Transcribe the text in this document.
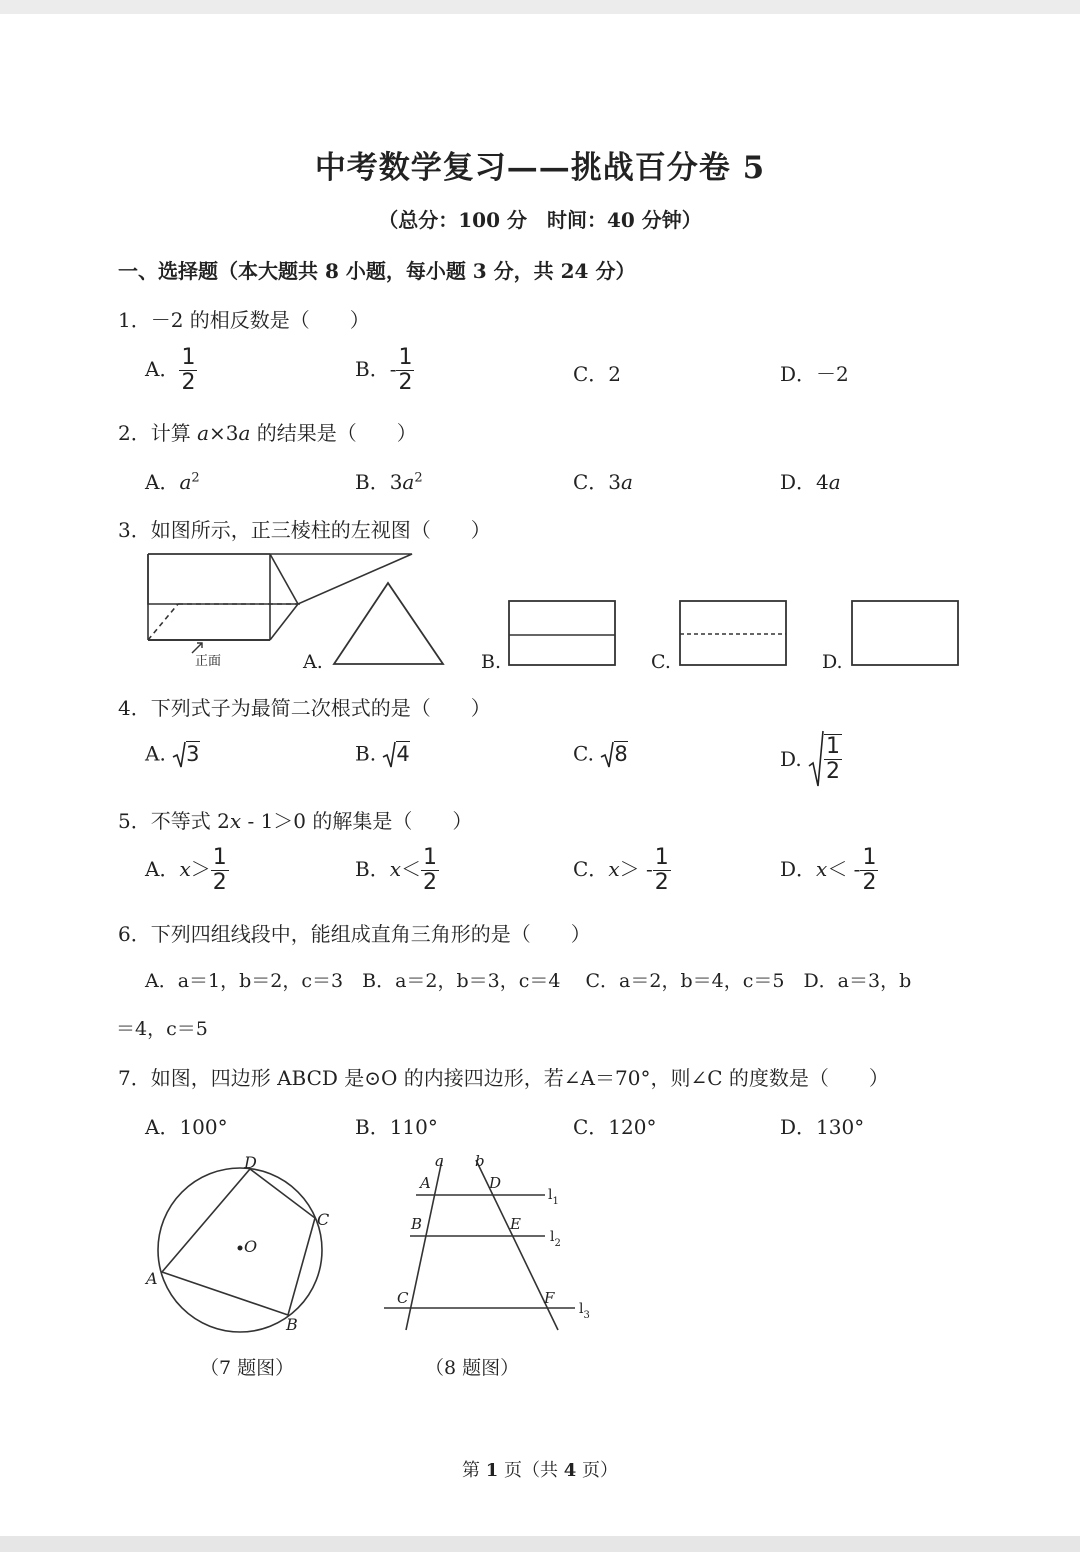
中考数学复习——挑战百分卷 5
（总分：100 分　时间：40 分钟）
一、选择题（本大题共 8 小题，每小题 3 分，共 24 分）
1．－2 的相反数是（　　）
A． $\frac{1}{2}$	B．- $\frac{1}{2}$	C．2	D．－2
2．计算 a×3a 的结果是（　　）
A．$a^2$	B．$3a^2$	C．3a	D．4a
3．如图所示，正三棱柱的左视图（　　）
正面	A.	B.	C.	D.
4．下列式子为最简二次根式的是（　　）
A. 3	B. 4	C. 8	D. $\frac{1}{2}$
5．不等式 2x - 1＞0 的解集是（　　）
A．$x> \frac{1}{2}$	B．$x< \frac{1}{2}$	C．$x> - \frac{1}{2}$	D．$x< - \frac{1}{2}$
6．下列四组线段中，能组成直角三角形的是（　　）
A．a＝1，b＝2，c＝3　B．a＝2，b＝3，c＝4　 C．a＝2，b＝4，c＝5　D．a＝3，b
＝4，c＝5
7．如图，四边形 ABCD 是⊙O 的内接四边形，若∠A＝70°，则∠C 的度数是（　　）
A．100°	B．110°	C．120°	D．130°
O
A
B
C
D
（7 题图）
a b
A	D
B	E
C	F
$l_1$
$l_2$
$l_3$
（8 题图）
第 1 页（共 4 页）
